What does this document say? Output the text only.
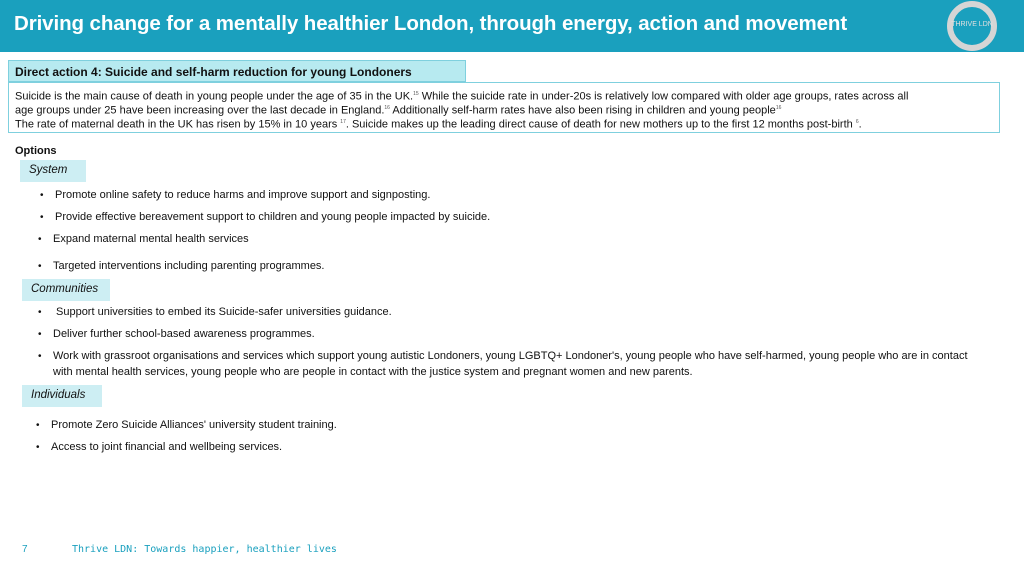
Driving change for a mentally healthier London, through energy, action and movement	THRIVE LDN
Direct action 4: Suicide and self-harm reduction for young Londoners
Suicide is the main cause of death in young people under the age of 35 in the UK.$^{15}$ While the suicide rate in under-20s is relatively low compared with older age groups, rates across all
age groups under 25 have been increasing over the last decade in England.$^{16}$ Additionally self-harm rates have also been rising in children and young people$^{16}$
The rate of maternal death in the UK has risen by 15% in 10 years $^{17}$. Suicide makes up the leading direct cause of death for new mothers up to the first 12 months post-birth $^6$.
Options
System
• Promote online safety to reduce harms and improve support and signposting.
• Provide effective bereavement support to children and young people impacted by suicide.
• Expand maternal mental health services
• Targeted interventions including parenting programmes.
Communities
• Support universities to embed its Suicide-safer universities guidance.
• Deliver further school-based awareness programmes.
• Work with grassroot organisations and services which support young autistic Londoners, young LGBTQ+ Londoner's, young people who have self-harmed, young people who are in contact with mental health services, young people who are people in contact with the justice system and pregnant women and new parents.
Individuals
• Promote Zero Suicide Alliances' university student training.
• Access to joint financial and wellbeing services.
7	Thrive LDN: Towards happier, healthier lives
